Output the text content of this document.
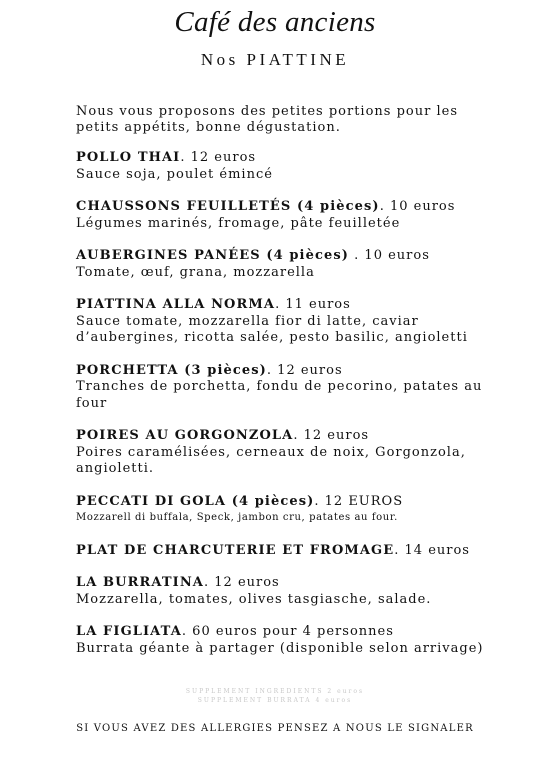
Café des anciens
Nos PIATTINE

Nous vous proposons des petites portions pour les petits appétits, bonne dégustation.

POLLO THAI. 12 euros
Sauce soja, poulet émincé
CHAUSSONS FEUILLETÉS (4 pièces). 10 euros
Légumes marinés, fromage, pâte feuilletée
AUBERGINES PANÉES (4 pièces) . 10 euros
Tomate, œuf, grana, mozzarella
PIATTINA ALLA NORMA. 11 euros
Sauce tomate, mozzarella fior di latte, caviar d’aubergines, ricotta salée, pesto basilic, angioletti
PORCHETTA (3 pièces). 12 euros
Tranches de porchetta, fondu de pecorino, patates au four
POIRES AU GORGONZOLA. 12 euros
Poires caramélisées, cerneaux de noix, Gorgonzola, angioletti.
PECCATI DI GOLA (4 pièces). 12 EUROS
Mozzarell di buffala, Speck, jambon cru, patates au four.
PLAT DE CHARCUTERIE ET FROMAGE. 14 euros
LA BURRATINA. 12 euros
Mozzarella, tomates, olives tasgiasche, salade.
LA FIGLIATA. 60 euros pour 4 personnes
Burrata géante à partager (disponible selon arrivage)
SUPPLEMENT INGREDIENTS 2 euros
SUPPLEMENT BURRATA 4 euros
SI VOUS AVEZ DES ALLERGIES PENSEZ A NOUS LE SIGNALER
